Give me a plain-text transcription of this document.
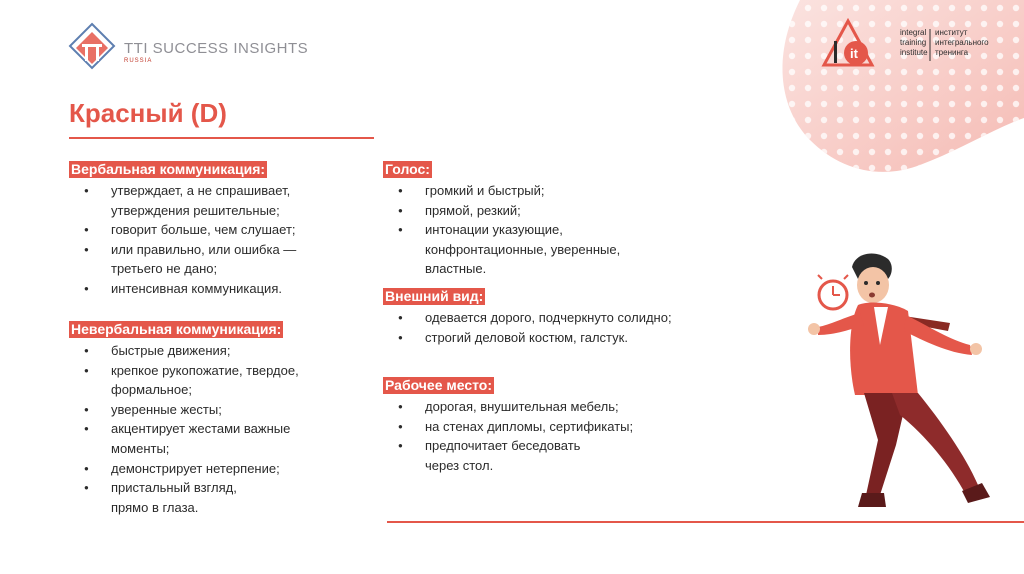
TTI SUCCESS INSIGHTS
RUSSIA	it
integral
training
institute
институт
интегрального
тренинга
Красный (D)
Вербальная коммуникация:
● утверждает, а не спрашивает,
утверждения решительные;
● говорит больше, чем слушает;
● или правильно, или ошибка —
третьего не дано;
● интенсивная коммуникация.
Невербальная коммуникация:
● быстрые движения;
● крепкое рукопожатие, твердое,
формальное;
● уверенные жесты;
● акцентирует жестами важные
моменты;
● демонстрирует нетерпение;
● пристальный взгляд,
прямо в глаза.
Голос:
● громкий и быстрый;
● прямой, резкий;
● интонации указующие,
конфронтационные, уверенные,
властные.
Внешний вид:
● одевается дорого, подчеркнуто солидно;
● строгий деловой костюм, галстук.
Рабочее место:
● дорогая, внушительная мебель;
● на стенах дипломы, сертификаты;
● предпочитает беседовать
через стол.
